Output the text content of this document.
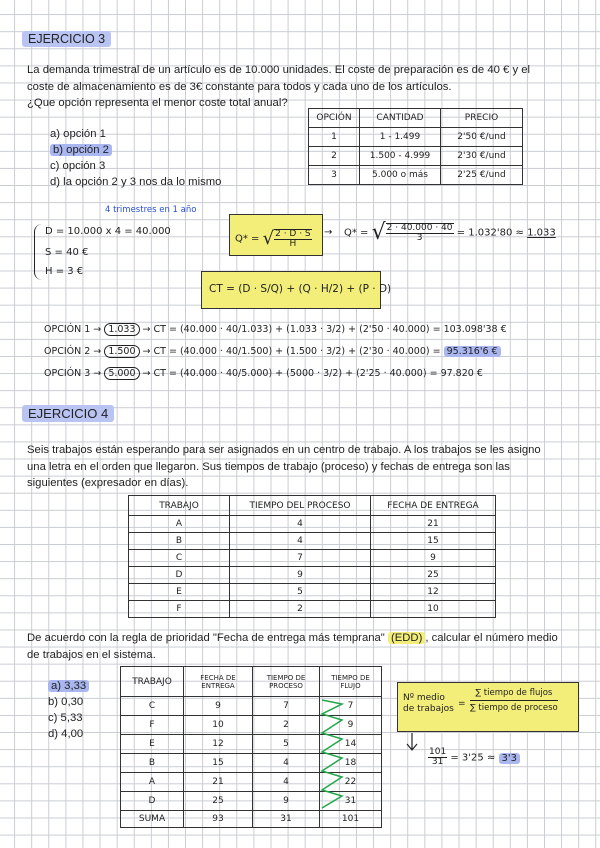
EJERCICIO 3
La demanda trimestral de un artículo es de 10.000 unidades. El coste de preparación es de 40 € y el
coste de almacenamiento es de 3€ constante para todos y cada uno de los artículos.
¿Que opción representa el menor coste total anual?
a) opción 1
b) opción 2
c) opción 3
d) la opción 2 y 3 nos da lo mismo
OPCIÓN	CANTIDAD	PRECIO
1	1 - 1.499	2'50 €/und
2	1.500 - 4.999	2'30 €/und
3	5.000 o más	2'25 €/und
4 trimestres en 1 año
D = 10.000 x 4 = 40.000
S = 40 €
H = 3 €
Q* = √ $\frac{2 \cdot D \cdot S}{H} \to Q*$ = √ $\frac{2 \cdot 40.000 \cdot 40}{3} = 1.032'80 \approx 1.033$
CT = (D · S/Q) + (Q · H/2) + (P · D)
OPCIÓN 1 → 1.033 → CT = (40.000 · 40/1.033) + (1.033 · 3/2) + (2'50 · 40.000) = 103.098'38 €
OPCIÓN 2 → 1.500 → CT = (40.000 · 40/1.500) + (1.500 · 3/2) + (2'30 · 40.000) = 95.316'6 €
OPCIÓN 3 → 5.000 → CT = (40.000 · 40/5.000) + (5000 · 3/2) + (2'25 · 40.000) = 97.820 €
EJERCICIO 4
Seis trabajos están esperando para ser asignados en un centro de trabajo. A los trabajos se les asigno
una letra en el orden que llegaron. Sus tiempos de trabajo (proceso) y fechas de entrega son las
siguientes (expresador en días).
TRABAJO	TIEMPO DEL PROCESO	FECHA DE ENTREGA
A	4	21
B	4	15
C	7	9
D	9	25
E	5	12
F	2	10
De acuerdo con la regla de prioridad "Fecha de entrega más temprana" (EDD) , calcular el número medio
de trabajos en el sistema.
a) 3,33
b) 0,30
c) 5,33
d) 4,00
TRABAJO	FECHA DE ENTREGA	TIEMPO DE PROCESO	TIEMPO DE FLUJO
C	9	7	7
F	10	2	9
E	12	5	14
B	15	4	18
A	21	4	22
D	25	9	31
SUMA	93	31	101
Nº medio
de trabajos =
∑ tiempo de flujos
∑ tiempo de proceso
$\frac{101}{31} = 3'25 \approx 3'3$
